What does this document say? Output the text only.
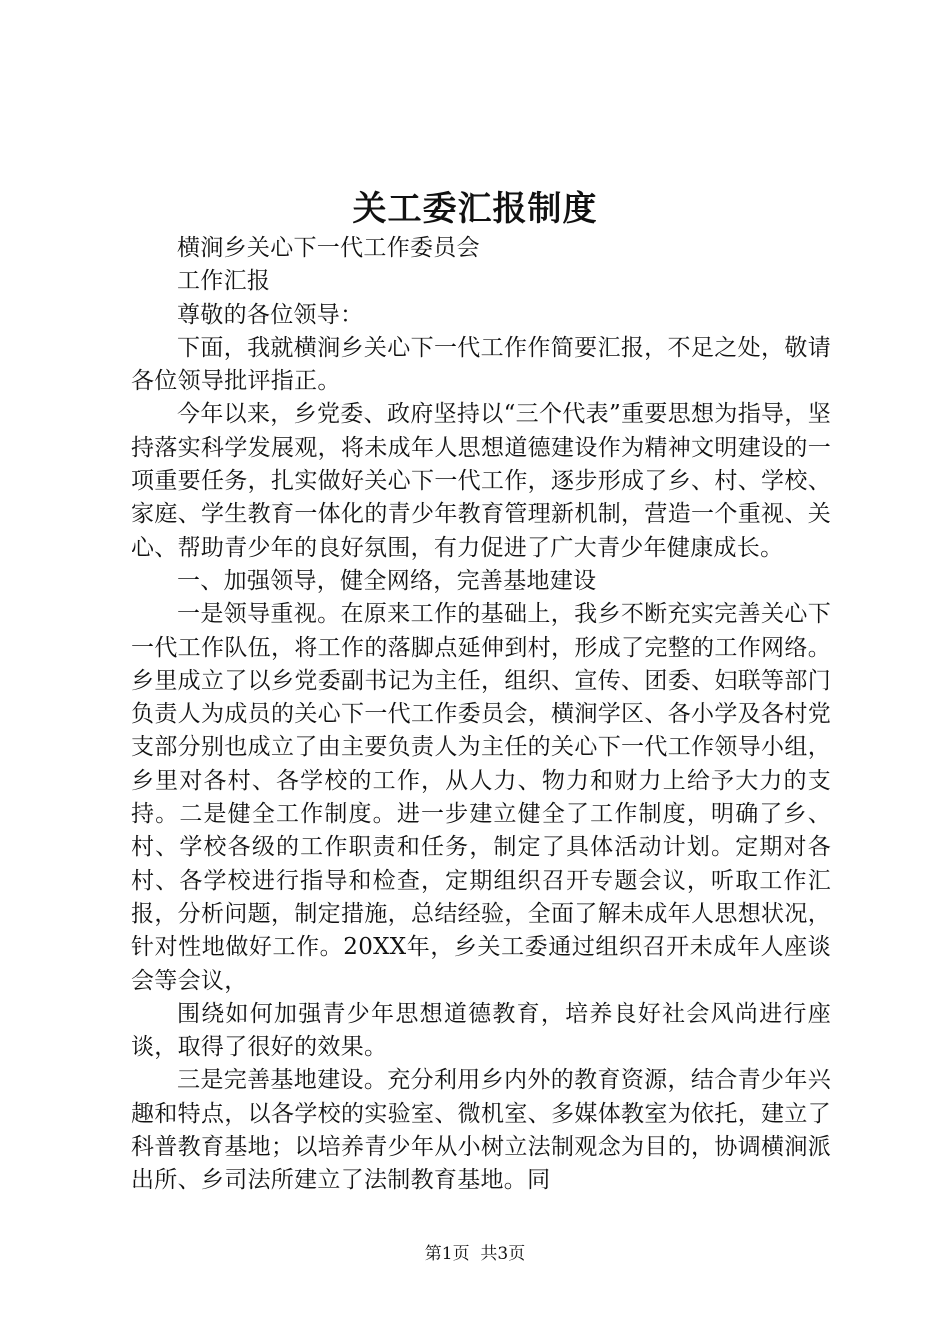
关工委汇报制度

横涧乡关心下一代工作委员会

工作汇报

尊敬的各位领导：

下面，我就横涧乡关心下一代工作作简要汇报，不足之处，敬请各位领导批评指正。

今年以来，乡党委、政府坚持以“三个代表”重要思想为指导，坚持落实科学发展观，将未成年人思想道德建设作为精神文明建设的一项重要任务，扎实做好关心下一代工作，逐步形成了乡、村、学校、家庭、学生教育一体化的青少年教育管理新机制，营造一个重视、关心、帮助青少年的良好氛围，有力促进了广大青少年健康成长。

一、加强领导，健全网络，完善基地建设

一是领导重视。在原来工作的基础上，我乡不断充实完善关心下一代工作队伍，将工作的落脚点延伸到村，形成了完整的工作网络。乡里成立了以乡党委副书记为主任，组织、宣传、团委、妇联等部门负责人为成员的关心下一代工作委员会，横涧学区、各小学及各村党支部分别也成立了由主要负责人为主任的关心下一代工作领导小组，乡里对各村、各学校的工作，从人力、物力和财力上给予大力的支持。二是健全工作制度。进一步建立健全了工作制度，明确了乡、村、学校各级的工作职责和任务，制定了具体活动计划。定期对各村、各学校进行指导和检查，定期组织召开专题会议，听取工作汇报，分析问题，制定措施，总结经验，全面了解未成年人思想状况，针对性地做好工作。20XX年，乡关工委通过组织召开未成年人座谈会等会议，

围绕如何加强青少年思想道德教育，培养良好社会风尚进行座谈，取得了很好的效果。

三是完善基地建设。充分利用乡内外的教育资源，结合青少年兴趣和特点，以各学校的实验室、微机室、多媒体教室为依托，建立了科普教育基地；以培养青少年从小树立法制观念为目的，协调横涧派出所、乡司法所建立了法制教育基地。同

第1页 共3页
